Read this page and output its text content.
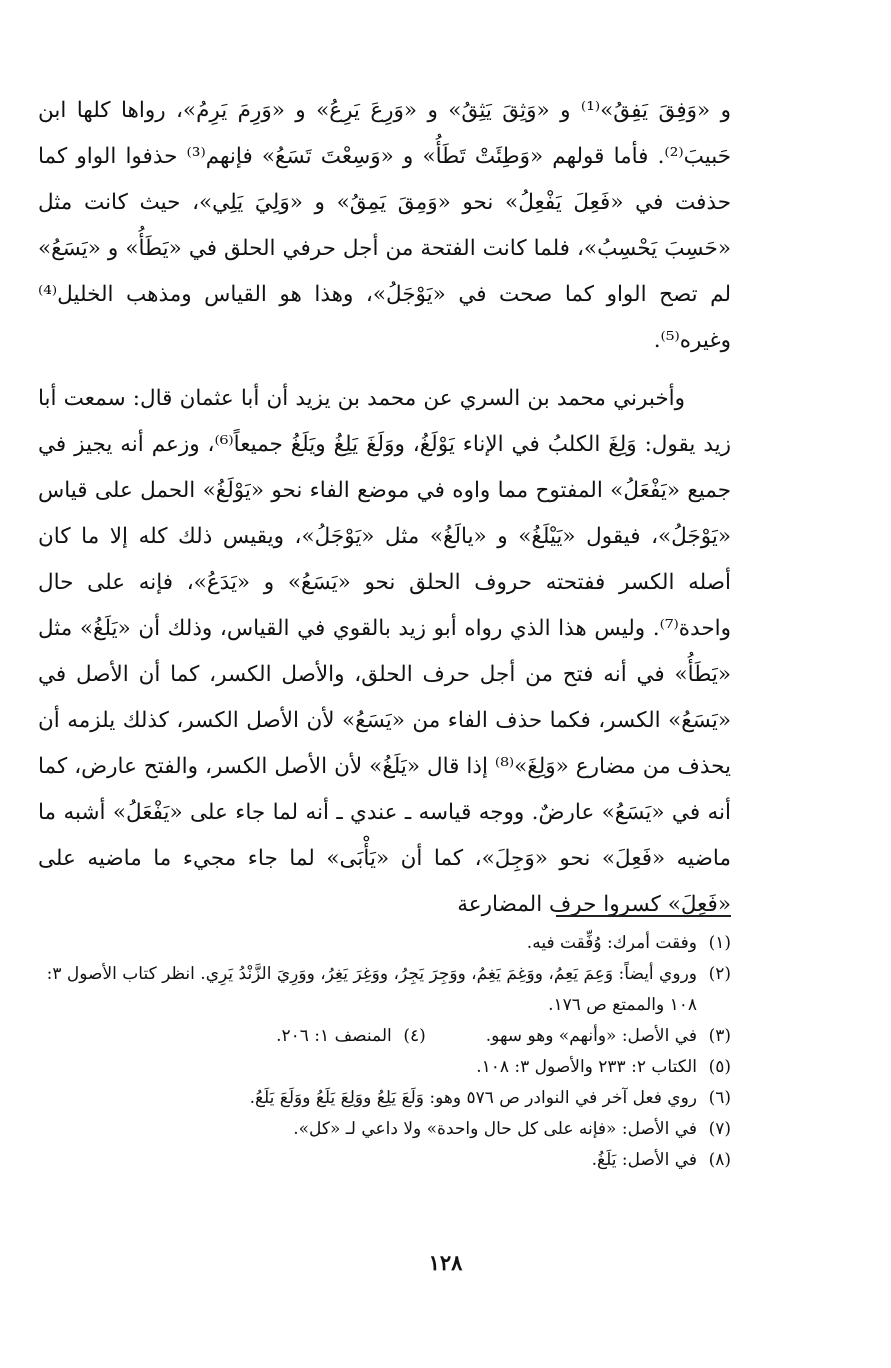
و «وَفِقَ يَفِقُ»⁽¹⁾ و «وَثِقَ يَثِقُ» و «وَرِعَ يَرِعُ» و «وَرِمَ يَرِمُ»، رواها كلها ابن حَبيبَ⁽²⁾. فأما قولهم «وَطِئَتْ تَطَأُ» و «وَسِعْتَ تَسَعُ» فإنهم⁽³⁾ حذفوا الواو كما حذفت في «فَعِلَ يَفْعِلُ» نحو «وَمِقَ يَمِقُ» و «وَلِيَ يَلِي»، حيث كانت مثل «حَسِبَ يَحْسِبُ»، فلما كانت الفتحة من أجل حرفي الحلق في «يَطَأُ» و «يَسَعُ» لم تصح الواو كما صحت في «يَوْجَلُ»، وهذا هو القياس ومذهب الخليل⁽⁴⁾ وغيره⁽⁵⁾.

وأخبرني محمد بن السري عن محمد بن يزيد أن أبا عثمان قال: سمعت أبا زيد يقول: وَلِغَ الكلبُ في الإناء يَوْلَغُ، ووَلَغَ يَلِغُ ويَلَغُ جميعاً⁽⁶⁾، وزعم أنه يجيز في جميع «يَفْعَلُ» المفتوح مما واوه في موضع الفاء نحو «يَوْلَغُ» الحمل على قياس «يَوْجَلُ»، فيقول «يَيْلَغُ» و «يالَغُ» مثل «يَوْجَلُ»، ويقيس ذلك كله إلا ما كان أصله الكسر ففتحته حروف الحلق نحو «يَسَعُ» و «يَدَعُ»، فإنه على حال واحدة⁽⁷⁾. وليس هذا الذي رواه أبو زيد بالقوي في القياس، وذلك أن «يَلَغُ» مثل «يَطَأُ» في أنه فتح من أجل حرف الحلق، والأصل الكسر، كما أن الأصل في «يَسَعُ» الكسر، فكما حذف الفاء من «يَسَعُ» لأن الأصل الكسر، كذلك يلزمه أن يحذف من مضارع «وَلِغَ»⁽⁸⁾ إذا قال «يَلَغُ» لأن الأصل الكسر، والفتح عارض، كما أنه في «يَسَعُ» عارضٌ. ووجه قياسه ـ عندي ـ أنه لما جاء على «يَفْعَلُ» أشبه ما ماضيه «فَعِلَ» نحو «وَجِلَ»، كما أن «يَأْبَى» لما جاء مجيء ما ماضيه على «فَعِلَ» كسروا حرف المضارعة

(١)
وفقت أمرك: وُفِّقت فيه.
(٢)
وروي أيضاً: وَعِمَ يَعِمُ، ووَغِمَ يَغِمُ، ووَجِرَ يَجِرُ، ووَغِرَ يَغِرُ، ووَرِيَ الزَّنْدُ يَرِي. انظر كتاب الأصول ٣: ١٠٨ والممتع ص ١٧٦.
(٣)
في الأصل: «وأنهم» وهو سهو.
(٤)
المنصف ١: ٢٠٦.
(٥)
الكتاب ٢: ٢٣٣ والأصول ٣: ١٠٨.
(٦)
روي فعل آخر في النوادر ص ٥٧٦ وهو: وَلَعَ يَلِعُ ووَلِعَ يَلَعُ ووَلَعَ يَلَعُ.
(٧)
في الأصل: «فإنه على كل حال واحدة» ولا داعي لـ «كل».
(٨)
في الأصل: يَلَغُ.
١٢٨
